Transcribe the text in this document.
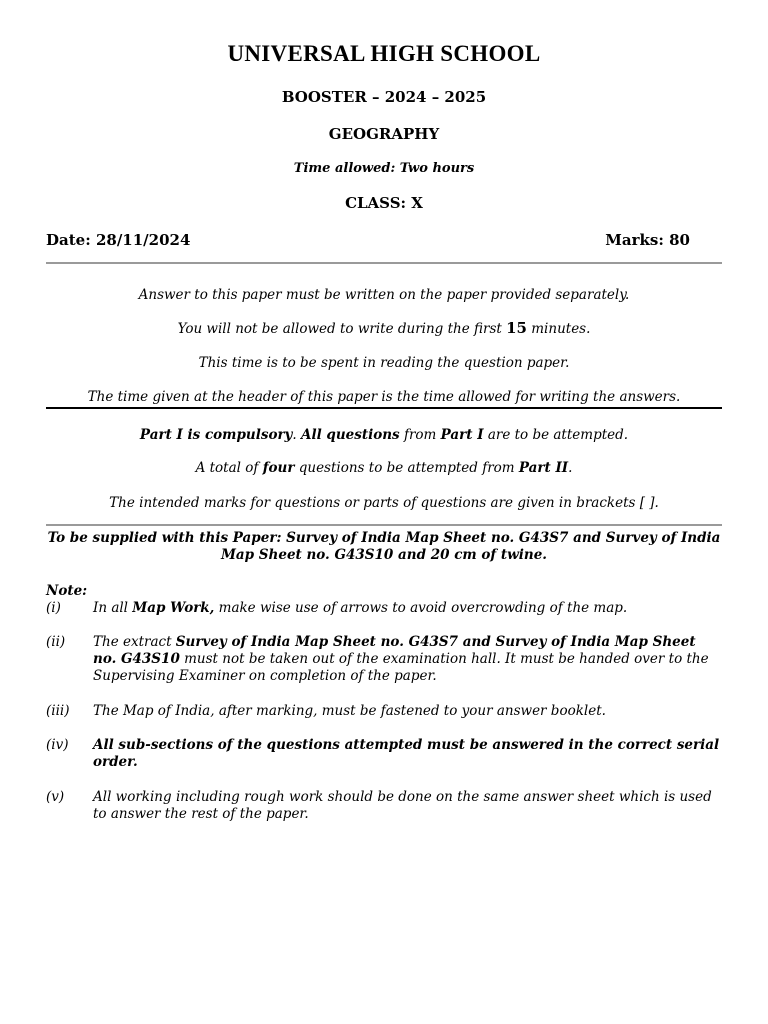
UNIVERSAL HIGH SCHOOL
BOOSTER – 2024 – 2025
GEOGRAPHY
Time allowed: Two hours
CLASS: X
Date: 28/11/2024	Marks: 80
Answer to this paper must be written on the paper provided separately.
You will not be allowed to write during the first 15 minutes.
This time is to be spent in reading the question paper.
The time given at the header of this paper is the time allowed for writing the answers.
Part I is compulsory. All questions from Part I are to be attempted.
A total of four questions to be attempted from Part II.
The intended marks for questions or parts of questions are given in brackets [ ].
To be supplied with this Paper: Survey of India Map Sheet no. G43S7 and Survey of India Map Sheet no. G43S10 and 20 cm of twine.
Note:
(i)	In all Map Work, make wise use of arrows to avoid overcrowding of the map.
(ii)	The extract Survey of India Map Sheet no. G43S7 and Survey of India Map Sheet no. G43S10 must not be taken out of the examination hall. It must be handed over to the Supervising Examiner on completion of the paper.
(iii)	The Map of India, after marking, must be fastened to your answer booklet.
(iv)	All sub-sections of the questions attempted must be answered in the correct serial order.
(v)	All working including rough work should be done on the same answer sheet which is used to answer the rest of the paper.
